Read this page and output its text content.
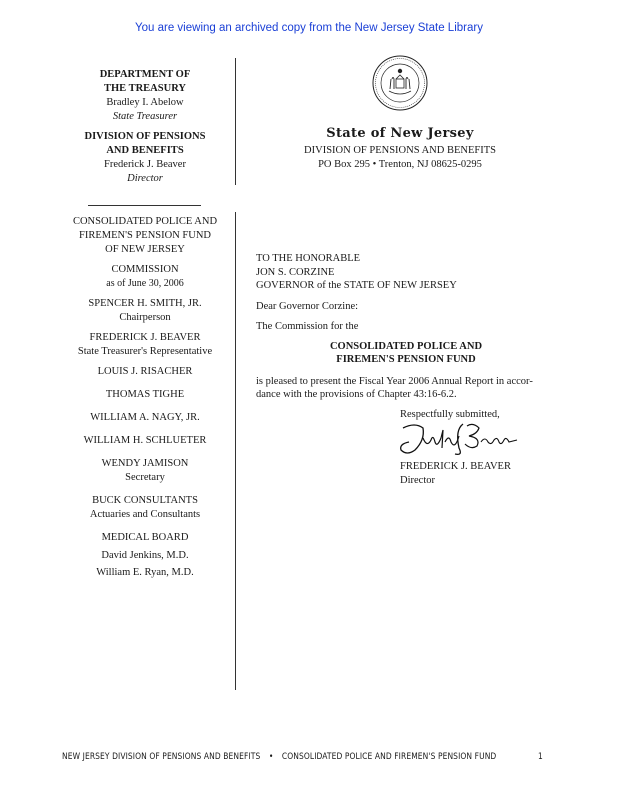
You are viewing an archived copy from the New Jersey State Library
DEPARTMENT OF
THE TREASURY
Bradley I. Abelow
State Treasurer
DIVISION OF PENSIONS
AND BENEFITS
Frederick J. Beaver
Director
CONSOLIDATED POLICE AND
FIREMEN'S PENSION FUND
OF NEW JERSEY
COMMISSION
as of June 30, 2006
SPENCER H. SMITH, JR.
Chairperson
FREDERICK J. BEAVER
State Treasurer's Representative
LOUIS J. RISACHER
THOMAS TIGHE
WILLIAM A. NAGY, JR.
WILLIAM H. SCHLUETER
WENDY JAMISON
Secretary
BUCK CONSULTANTS
Actuaries and Consultants
MEDICAL BOARD
David Jenkins, M.D.
William E. Ryan, M.D.
State of New Jersey
DIVISION OF PENSIONS AND BENEFITS
PO Box 295 • Trenton, NJ 08625-0295
TO THE HONORABLE
JON S. CORZINE
GOVERNOR of the STATE OF NEW JERSEY
Dear Governor Corzine:
The Commission for the
CONSOLIDATED POLICE AND
FIREMEN'S PENSION FUND
is pleased to present the Fiscal Year 2006 Annual Report in accor-
dance with the provisions of Chapter 43:16-6.2.
Respectfully submitted,
FREDERICK J. BEAVER
Director
NEW JERSEY DIVISION OF PENSIONS AND BENEFITS • CONSOLIDATED POLICE AND FIREMEN'S PENSION FUND	1
